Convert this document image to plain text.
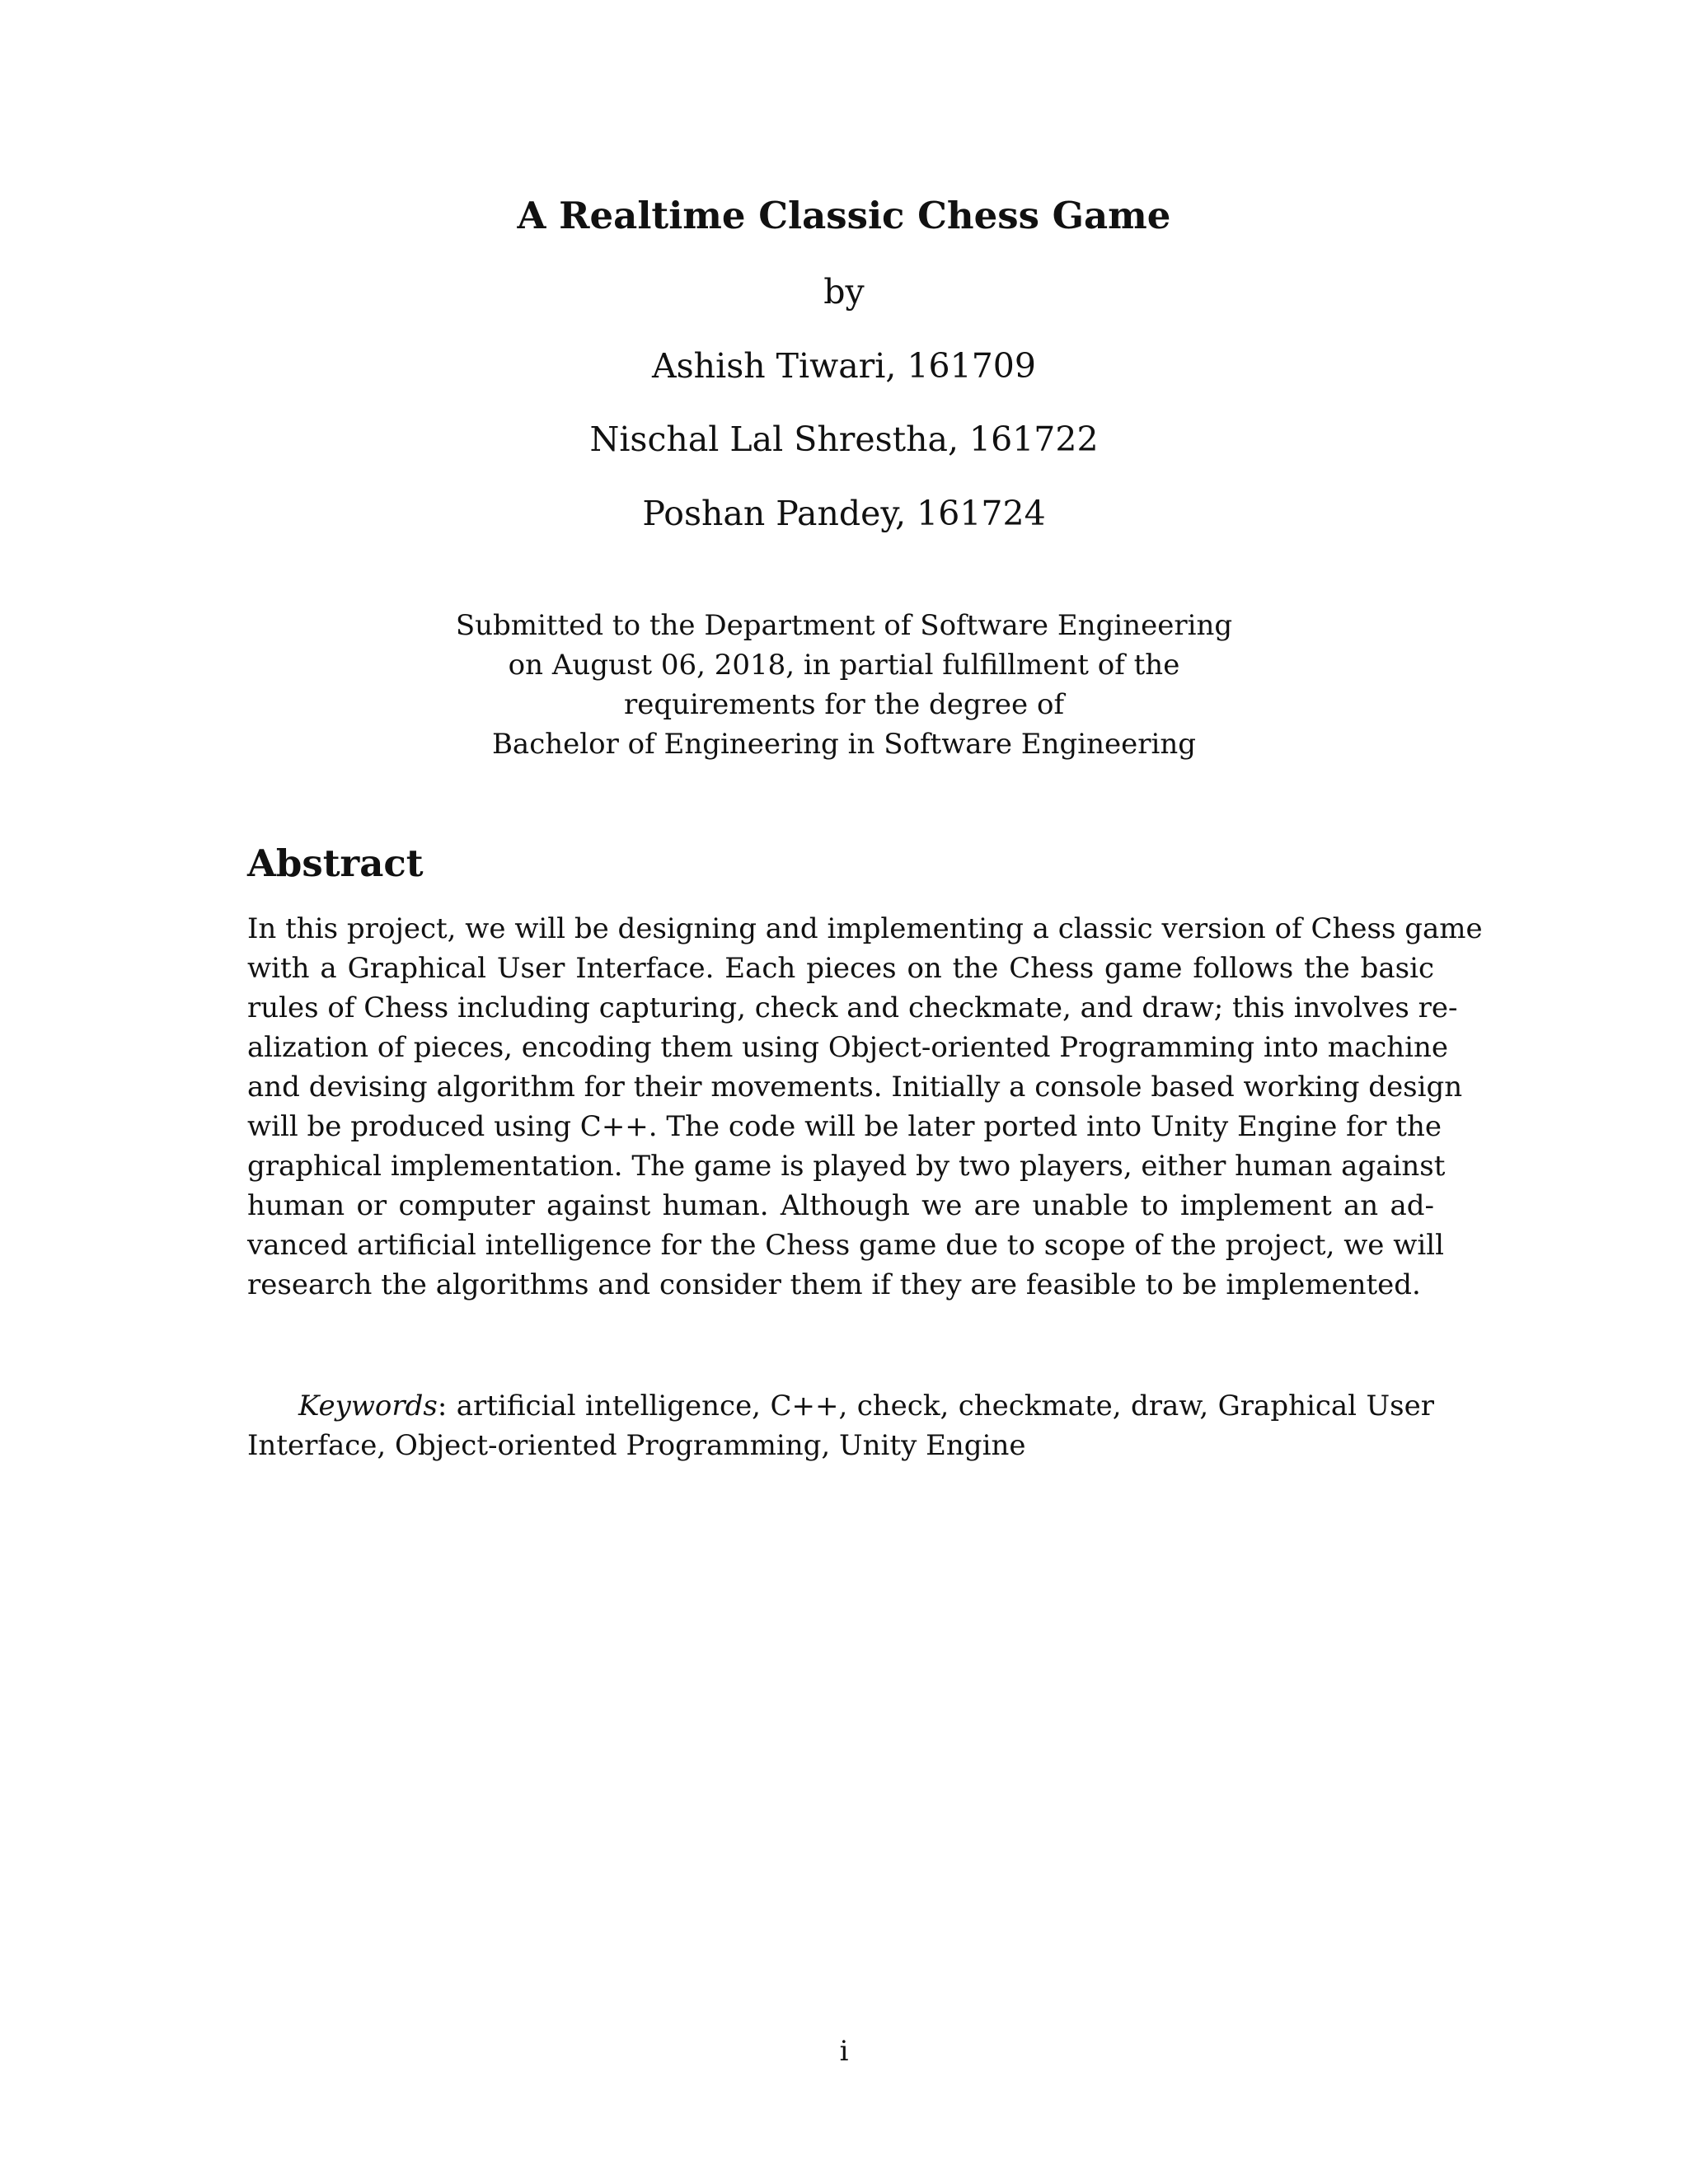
A Realtime Classic Chess Game
by
Ashish Tiwari, 161709
Nischal Lal Shrestha, 161722
Poshan Pandey, 161724
Submitted to the Department of Software Engineering
on August 06, 2018, in partial fulfillment of the
requirements for the degree of
Bachelor of Engineering in Software Engineering
Abstract
In this project, we will be designing and implementing a classic version of Chess game
with a Graphical User Interface. Each pieces on the Chess game follows the basic
rules of Chess including capturing, check and checkmate, and draw; this involves re-
alization of pieces, encoding them using Object-oriented Programming into machine
and devising algorithm for their movements. Initially a console based working design
will be produced using C++. The code will be later ported into Unity Engine for the
graphical implementation. The game is played by two players, either human against
human or computer against human. Although we are unable to implement an ad-
vanced artificial intelligence for the Chess game due to scope of the project, we will
research the algorithms and consider them if they are feasible to be implemented.
Keywords: artificial intelligence, C++, check, checkmate, draw, Graphical User
Interface, Object-oriented Programming, Unity Engine
i
